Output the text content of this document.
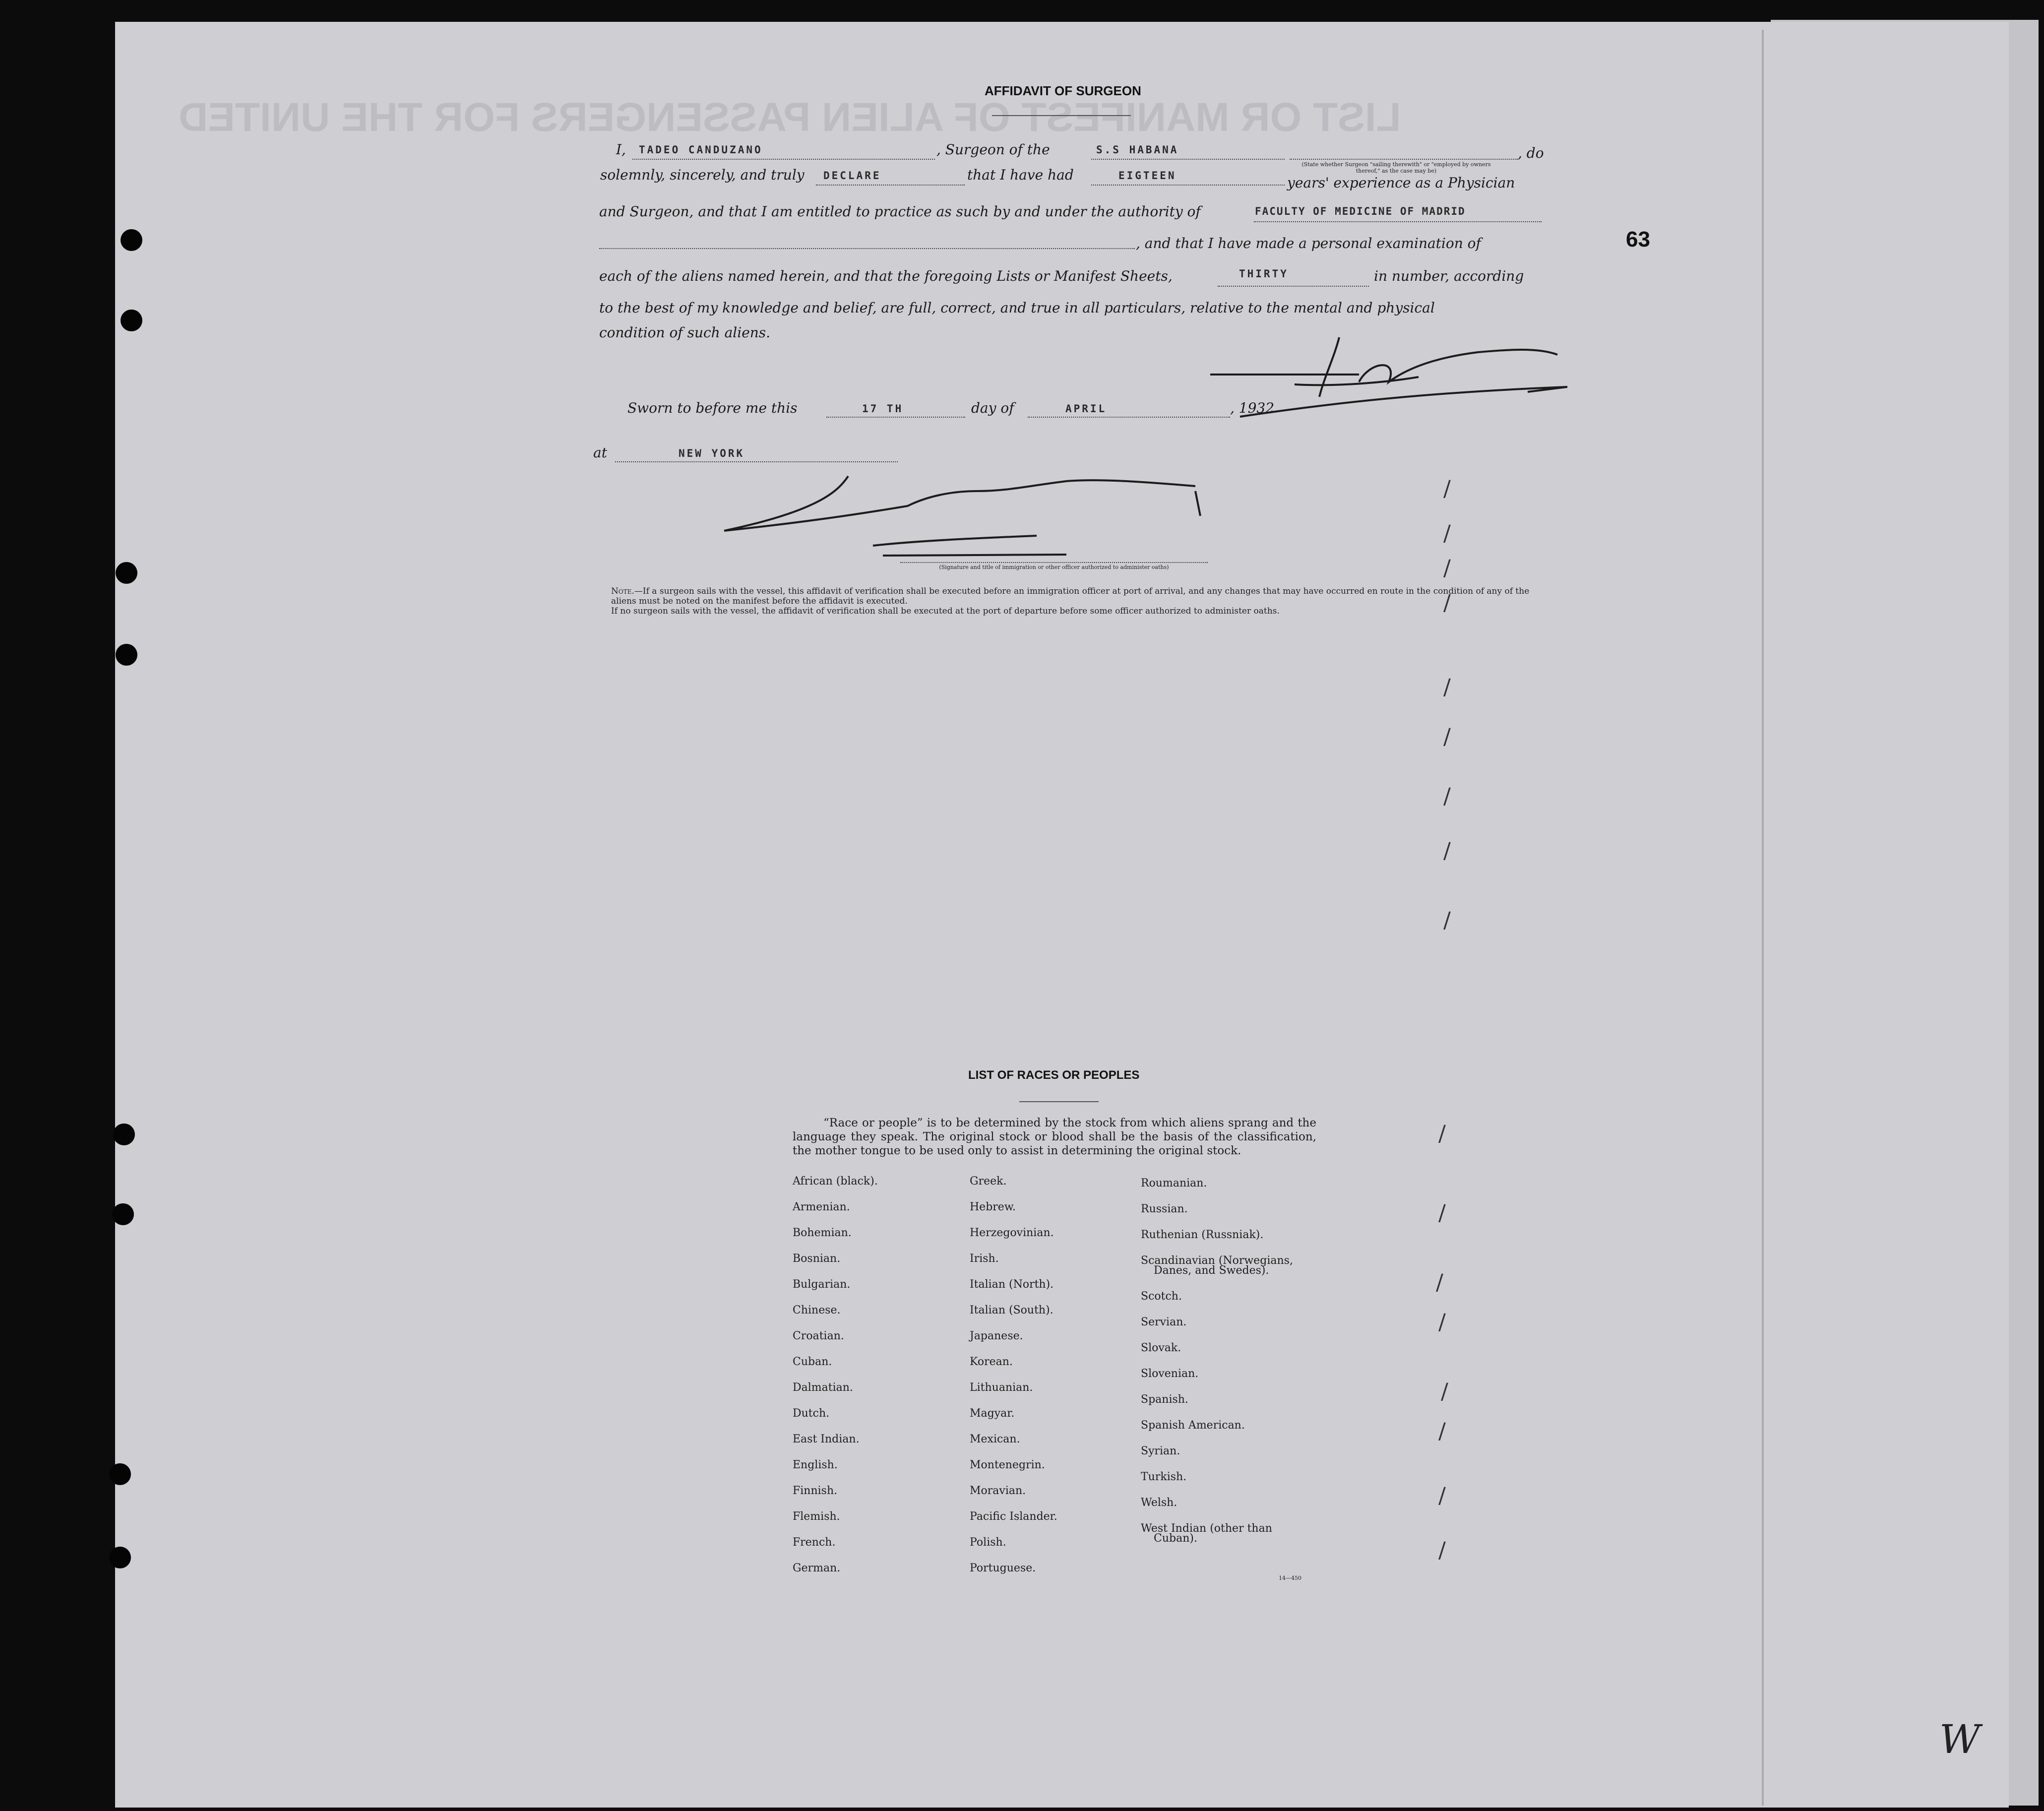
LIST OR MANIFEST OF ALIEN PASSENGERS FOR THE UNITED
63
AFFIDAVIT OF SURGEON
I, TADEO CANDUZANO	, Surgeon of the	S.S HABANA	, do
(State whether Surgeon "sailing therewith" or "employed by owners thereof," as the case may be)
solemnly, sincerely, and truly DECLARE	that I have had	EIGTEEN	years' experience as a Physician
and Surgeon, and that I am entitled to practice as such by and under the authority of	FACULTY OF MEDICINE OF MADRID
, and that I have made a personal examination of
each of the aliens named herein, and that the foregoing Lists or Manifest Sheets,	THIRTY	in number, according
to the best of my knowledge and belief, are full, correct, and true in all particulars, relative to the mental and physical
condition of such aliens.
Sworn to before me this	17 TH	day of	APRIL	, 1932
at	NEW YORK
(Signature and title of immigration or other officer authorized to administer oaths)
Note.—If a surgeon sails with the vessel, this affidavit of verification shall be executed before an immigration officer at port of arrival, and any changes that may have occurred en route in the condition of any of the aliens must be noted on the manifest before the affidavit is executed.
If no surgeon sails with the vessel, the affidavit of verification shall be executed at the port of departure before some officer authorized to administer oaths.
LIST OF RACES OR PEOPLES
“Race or people” is to be determined by the stock from which aliens sprang and the language they speak. The original stock or blood shall be the basis of the classification, the mother tongue to be used only to assist in determining the original stock.
African (black).
Armenian.
Bohemian.
Bosnian.
Bulgarian.
Chinese.
Croatian.
Cuban.
Dalmatian.
Dutch.
East Indian.
English.
Finnish.
Flemish.
French.
German.
Greek.
Hebrew.
Herzegovinian.
Irish.
Italian (North).
Italian (South).
Japanese.
Korean.
Lithuanian.
Magyar.
Mexican.
Montenegrin.
Moravian.
Pacific Islander.
Polish.
Portuguese.
Roumanian.
Russian.
Ruthenian (Russniak).
Scandinavian (Norwegians,
Danes, and Swedes).
Scotch.
Servian.
Slovak.
Slovenian.
Spanish.
Spanish American.
Syrian.
Turkish.
Welsh.
West Indian (other than
Cuban).
14—450
/
/
/
/
/
/
/
/
/
/
/
/
/
/
/
/
/
W
